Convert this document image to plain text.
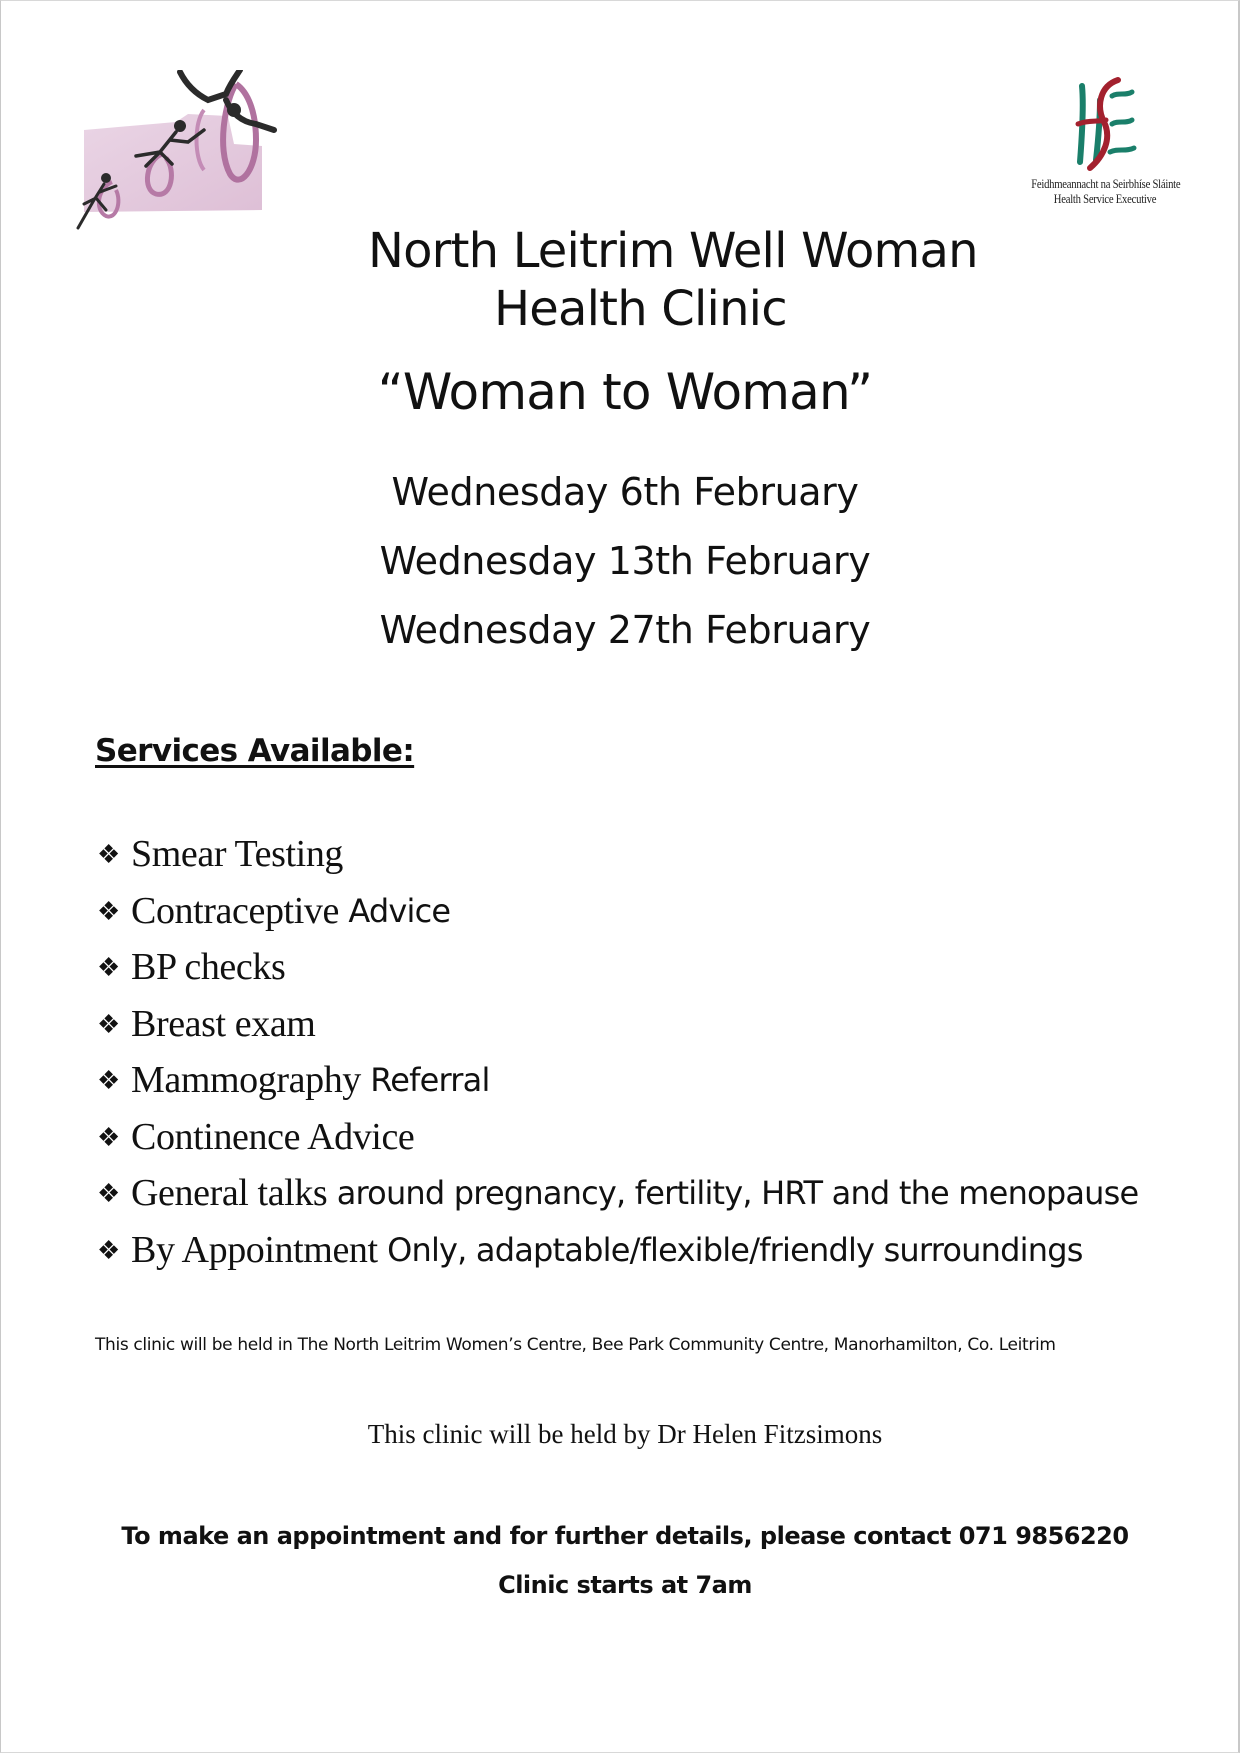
Feidhmeannacht na Seirbhíse Sláinte
Health Service Executive
North Leitrim Well Woman
Health Clinic
“Woman to Woman”
Wednesday 6th February
Wednesday 13th February
Wednesday 27th February
Services Available:
❖ Smear Testing
❖ Contraceptive Advice
❖ BP checks
❖ Breast exam
❖ Mammography Referral
❖ Continence Advice
❖ General talks around pregnancy, fertility, HRT and the menopause
❖ By Appointment Only, adaptable/flexible/friendly surroundings
This clinic will be held in The North Leitrim Women’s Centre, Bee Park Community Centre, Manorhamilton, Co. Leitrim
This clinic will be held by Dr Helen Fitzsimons
To make an appointment and for further details, please contact 071 9856220
Clinic starts at 7am
